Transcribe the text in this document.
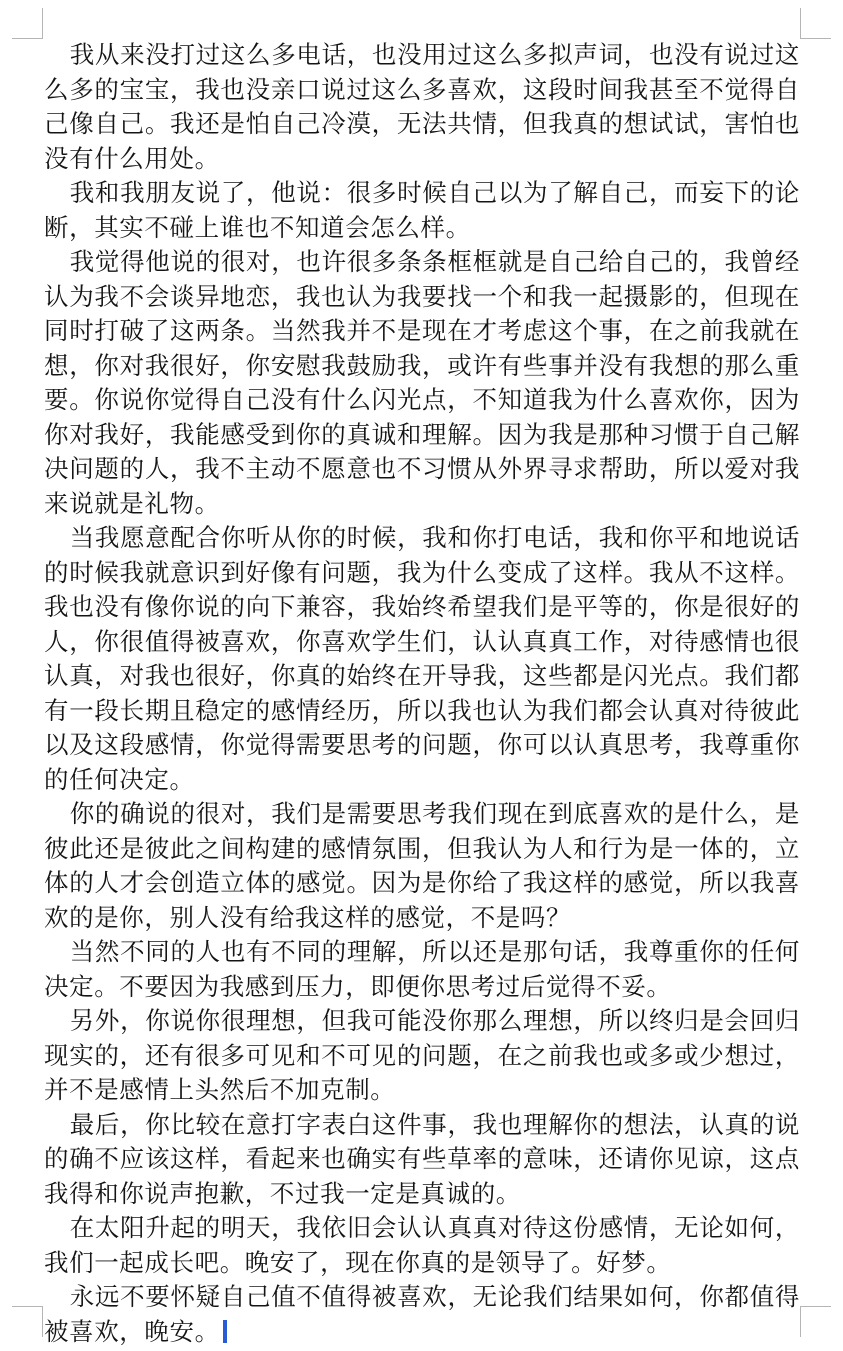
我从来没打过这么多电话，也没用过这么多拟声词，也没有说过这么多的宝宝，我也没亲口说过这么多喜欢，这段时间我甚至不觉得自己像自己。我还是怕自己冷漠，无法共情，但我真的想试试，害怕也没有什么用处。

我和我朋友说了，他说：很多时候自己以为了解自己，而妄下的论断，其实不碰上谁也不知道会怎么样。

我觉得他说的很对，也许很多条条框框就是自己给自己的，我曾经认为我不会谈异地恋，我也认为我要找一个和我一起摄影的，但现在同时打破了这两条。当然我并不是现在才考虑这个事，在之前我就在想，你对我很好，你安慰我鼓励我，或许有些事并没有我想的那么重要。你说你觉得自己没有什么闪光点，不知道我为什么喜欢你，因为你对我好，我能感受到你的真诚和理解。因为我是那种习惯于自己解决问题的人，我不主动不愿意也不习惯从外界寻求帮助，所以爱对我来说就是礼物。

当我愿意配合你听从你的时候，我和你打电话，我和你平和地说话的时候我就意识到好像有问题，我为什么变成了这样。我从不这样。我也没有像你说的向下兼容，我始终希望我们是平等的，你是很好的人，你很值得被喜欢，你喜欢学生们，认认真真工作，对待感情也很认真，对我也很好，你真的始终在开导我，这些都是闪光点。我们都有一段长期且稳定的感情经历，所以我也认为我们都会认真对待彼此以及这段感情，你觉得需要思考的问题，你可以认真思考，我尊重你的任何决定。

你的确说的很对，我们是需要思考我们现在到底喜欢的是什么，是彼此还是彼此之间构建的感情氛围，但我认为人和行为是一体的，立体的人才会创造立体的感觉。因为是你给了我这样的感觉，所以我喜欢的是你，别人没有给我这样的感觉，不是吗？

当然不同的人也有不同的理解，所以还是那句话，我尊重你的任何决定。不要因为我感到压力，即便你思考过后觉得不妥。

另外，你说你很理想，但我可能没你那么理想，所以终归是会回归现实的，还有很多可见和不可见的问题，在之前我也或多或少想过，并不是感情上头然后不加克制。

最后，你比较在意打字表白这件事，我也理解你的想法，认真的说的确不应该这样，看起来也确实有些草率的意味，还请你见谅，这点我得和你说声抱歉，不过我一定是真诚的。

在太阳升起的明天，我依旧会认认真真对待这份感情，无论如何，我们一起成长吧。晚安了，现在你真的是领导了。好梦。

永远不要怀疑自己值不值得被喜欢，无论我们结果如何，你都值得被喜欢，晚安。
